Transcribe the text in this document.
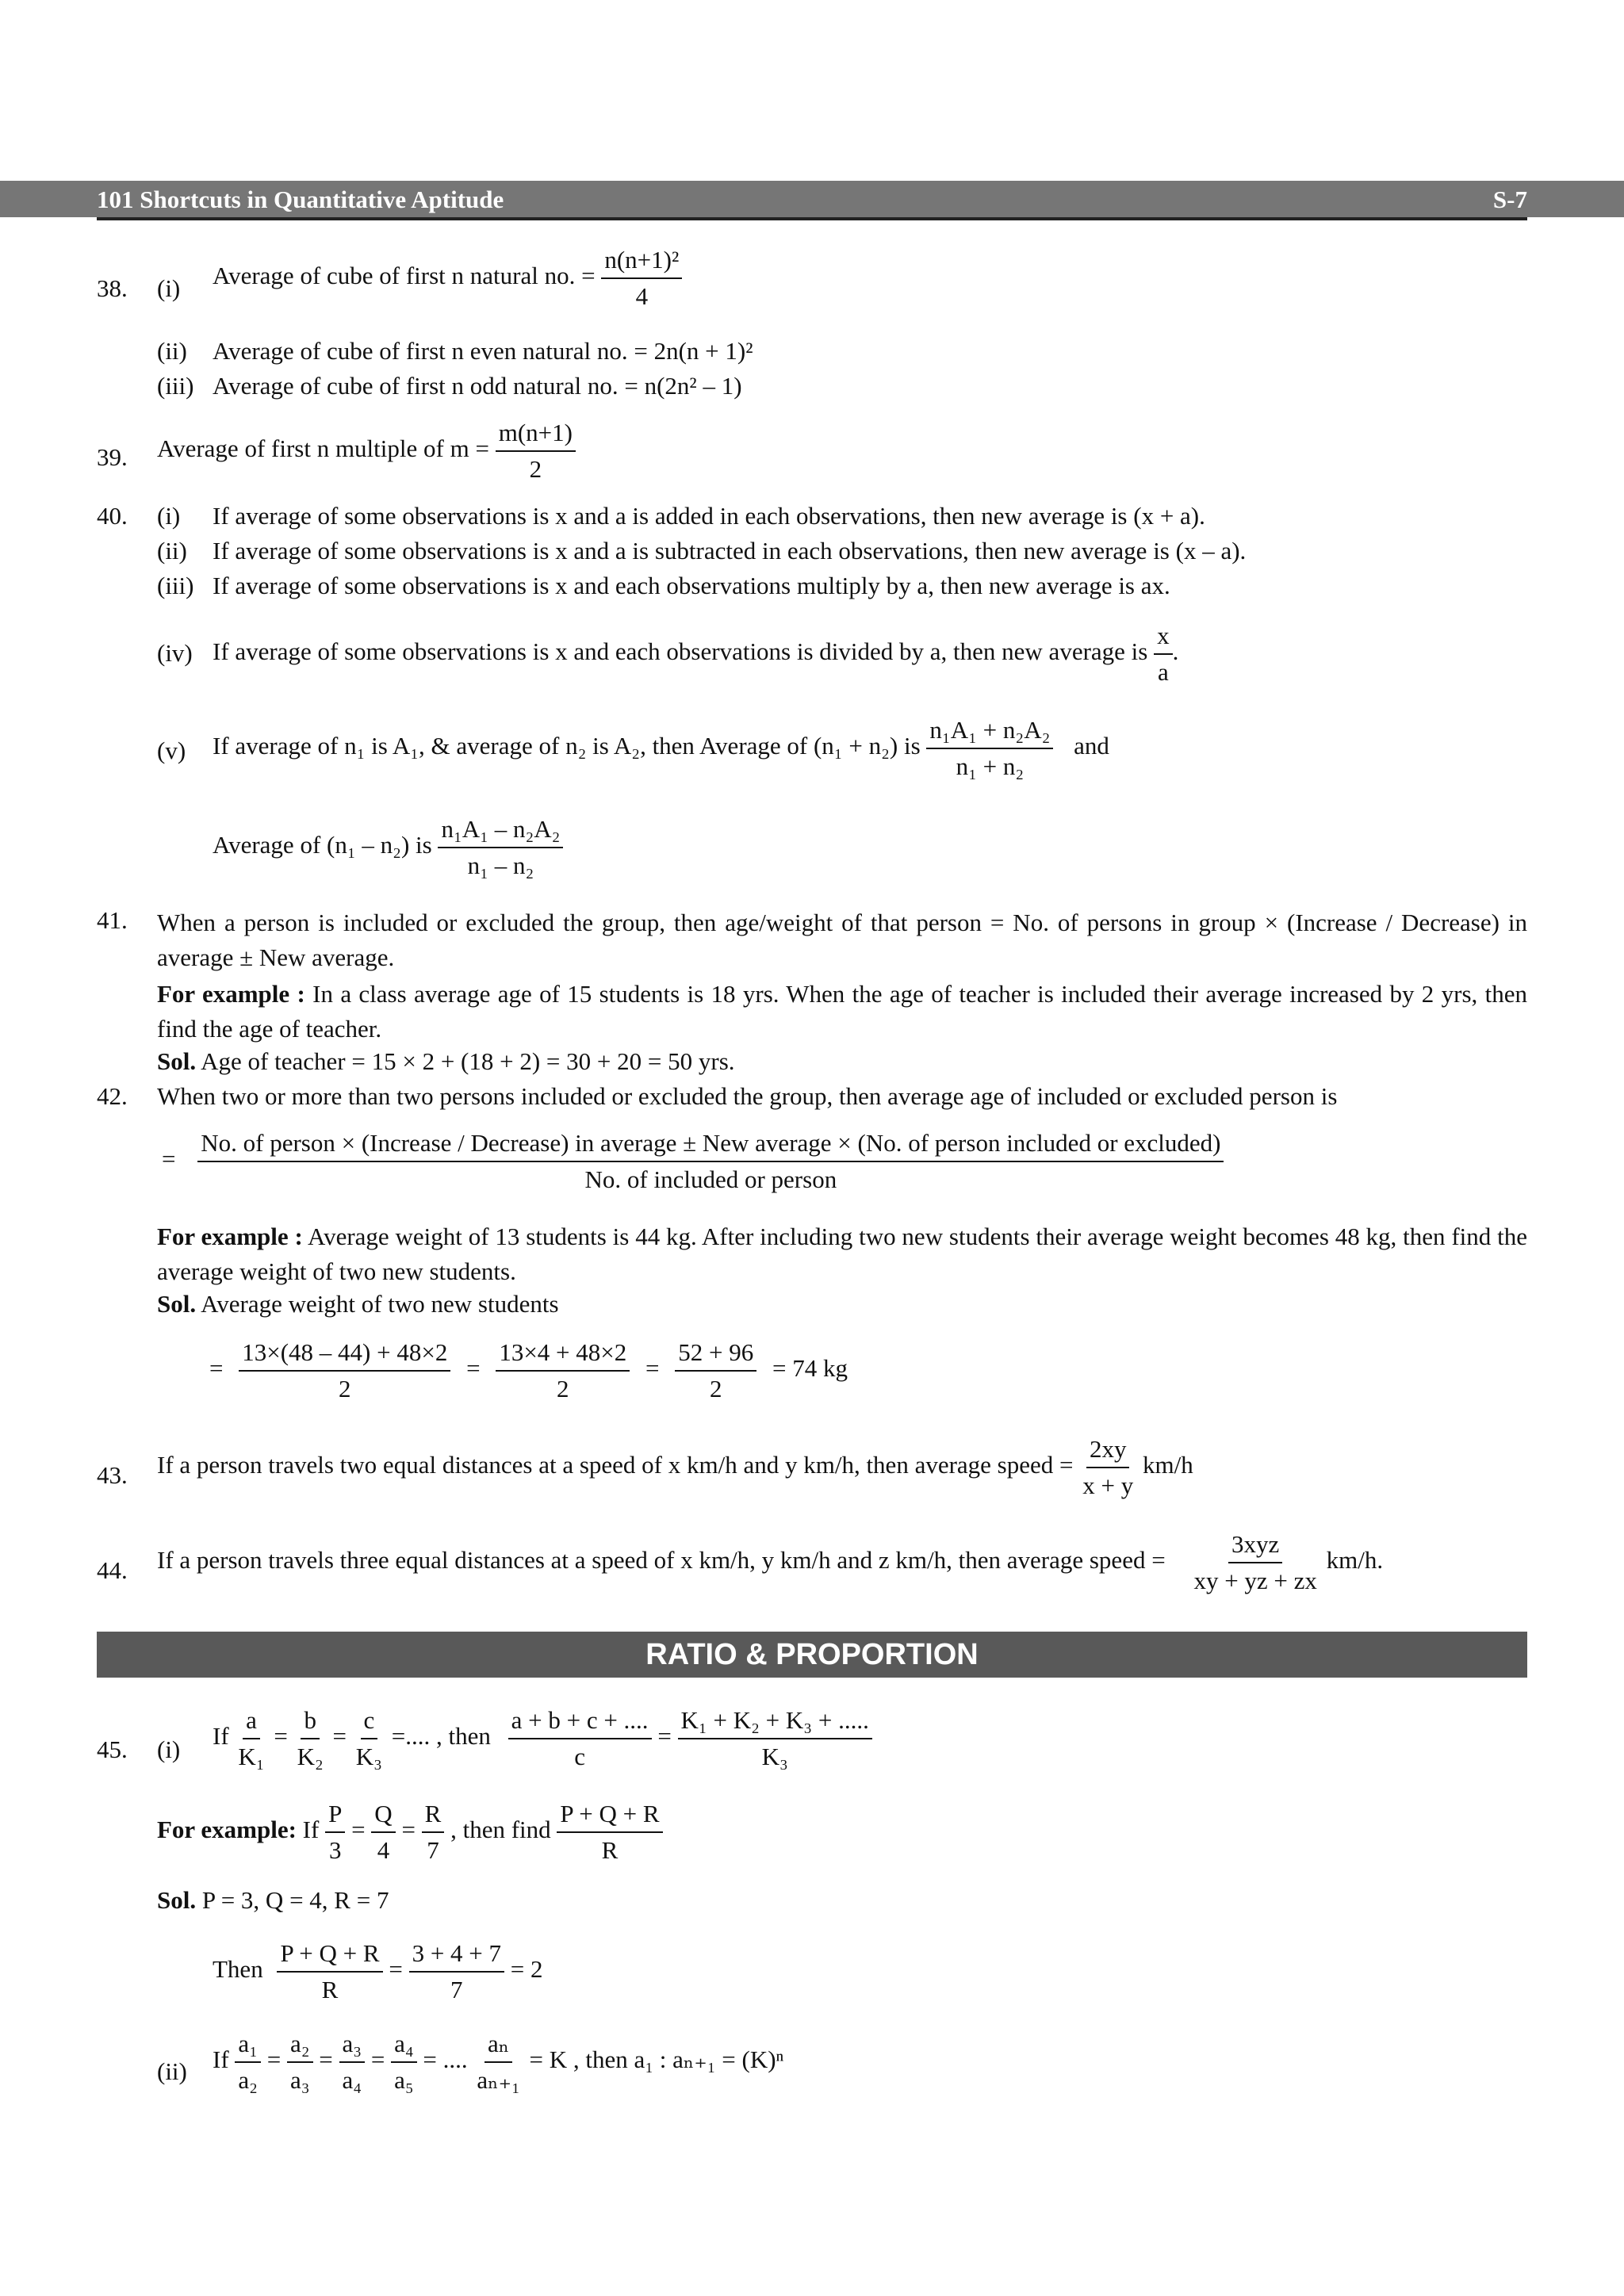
101 Shortcuts in Quantitative Aptitude	S-7
38. (i) Average of cube of first n natural no. = $\frac{\text{n(n+1)²}}{4}$
(ii) Average of cube of first n even natural no. = 2n(n + 1)²
(iii) Average of cube of first n odd natural no. = n(2n² – 1)
39. Average of first n multiple of $m = \frac{m(n+1)}{2}$
40. (i) If average of some observations is x and a is added in each observations, then new average is (x + a).
(ii) If average of some observations is x and a is subtracted in each observations, then new average is (x – a).
(iii) If average of some observations is x and each observations multiply by a, then new average is ax.
(iv) If average of some observations is x and each observations is divided by a, then new average is $\frac{x}{a}$ .
(v) If average of n₁ is A₁, & average of n₂ is A₂, then Average of (n₁ + n₂) is $\frac{\text{n₁A₁ + n₂A₂}}{\text{n₁ + n₂}}$ and
Average of (n₁ – n₂) is $\frac{\text{n₁A₁ – n₂A₂}}{\text{n₁ – n₂}}$
41. When a person is included or excluded the group, then age/weight of that person = No. of persons in group × (Increase / Decrease) in average ± New average.
For example : In a class average age of 15 students is 18 yrs. When the age of teacher is included their average increased by 2 yrs, then find the age of teacher.
Sol. Age of teacher = 15 × 2 + (18 + 2) = 30 + 20 = 50 yrs.
42. When two or more than two persons included or excluded the group, then average age of included or excluded person is
=
No. of person × (Increase / Decrease) in average ± New average × (No. of person included or excluded)
No. of included or person
For example : Average weight of 13 students is 44 kg. After including two new students their average weight becomes 48 kg, then find the average weight of two new students.
Sol. Average weight of two new students
= $\frac{13\times(48 - 44) + 48\times 2}{2} = \frac{13\times 4 + 48\times 2}{2} = \frac{52 + 96}{2} = 74$ kg
43. If a person travels two equal distances at a speed of x km/h and y km/h, then average speed = $\frac{2xy}{x + y} km/h$
44. If a person travels three equal distances at a speed of x km/h, y km/h and z km/h, then average speed =
3xyz
xy + yz + zx
km/h.
RATIO & PROPORTION
45. (i) If $\frac{a}{\text{K₁}} = \frac{b}{\text{K₂}} = \frac{c}{\text{K₃}}$ =.... , then $\frac{a + b + c + ....}{c} = \frac{\text{K₁ + K₂ + K₃ + .....}}{\text{K₃}}$
For example: If $\frac{P}{3} = \frac{Q}{4} = \frac{R}{7}$ , then find $\frac{P + Q + R}{R}$
Sol. P = 3, Q = 4, R = 7
Then $\frac{P + Q + R}{R} = \frac{3 + 4 + 7}{7} = 2$
(ii) If $\frac{\text{a₁}}{\text{a₂}} = \frac{\text{a₂}}{\text{a₃}} = \frac{\text{a₃}}{\text{a₄}} = \frac{\text{a₄}}{\text{a₅}}$ = .... $\frac{\text{aₙ}}{\text{aₙ₊₁}} = K$ , then a₁ : aₙ₊₁ = (K)ⁿ
